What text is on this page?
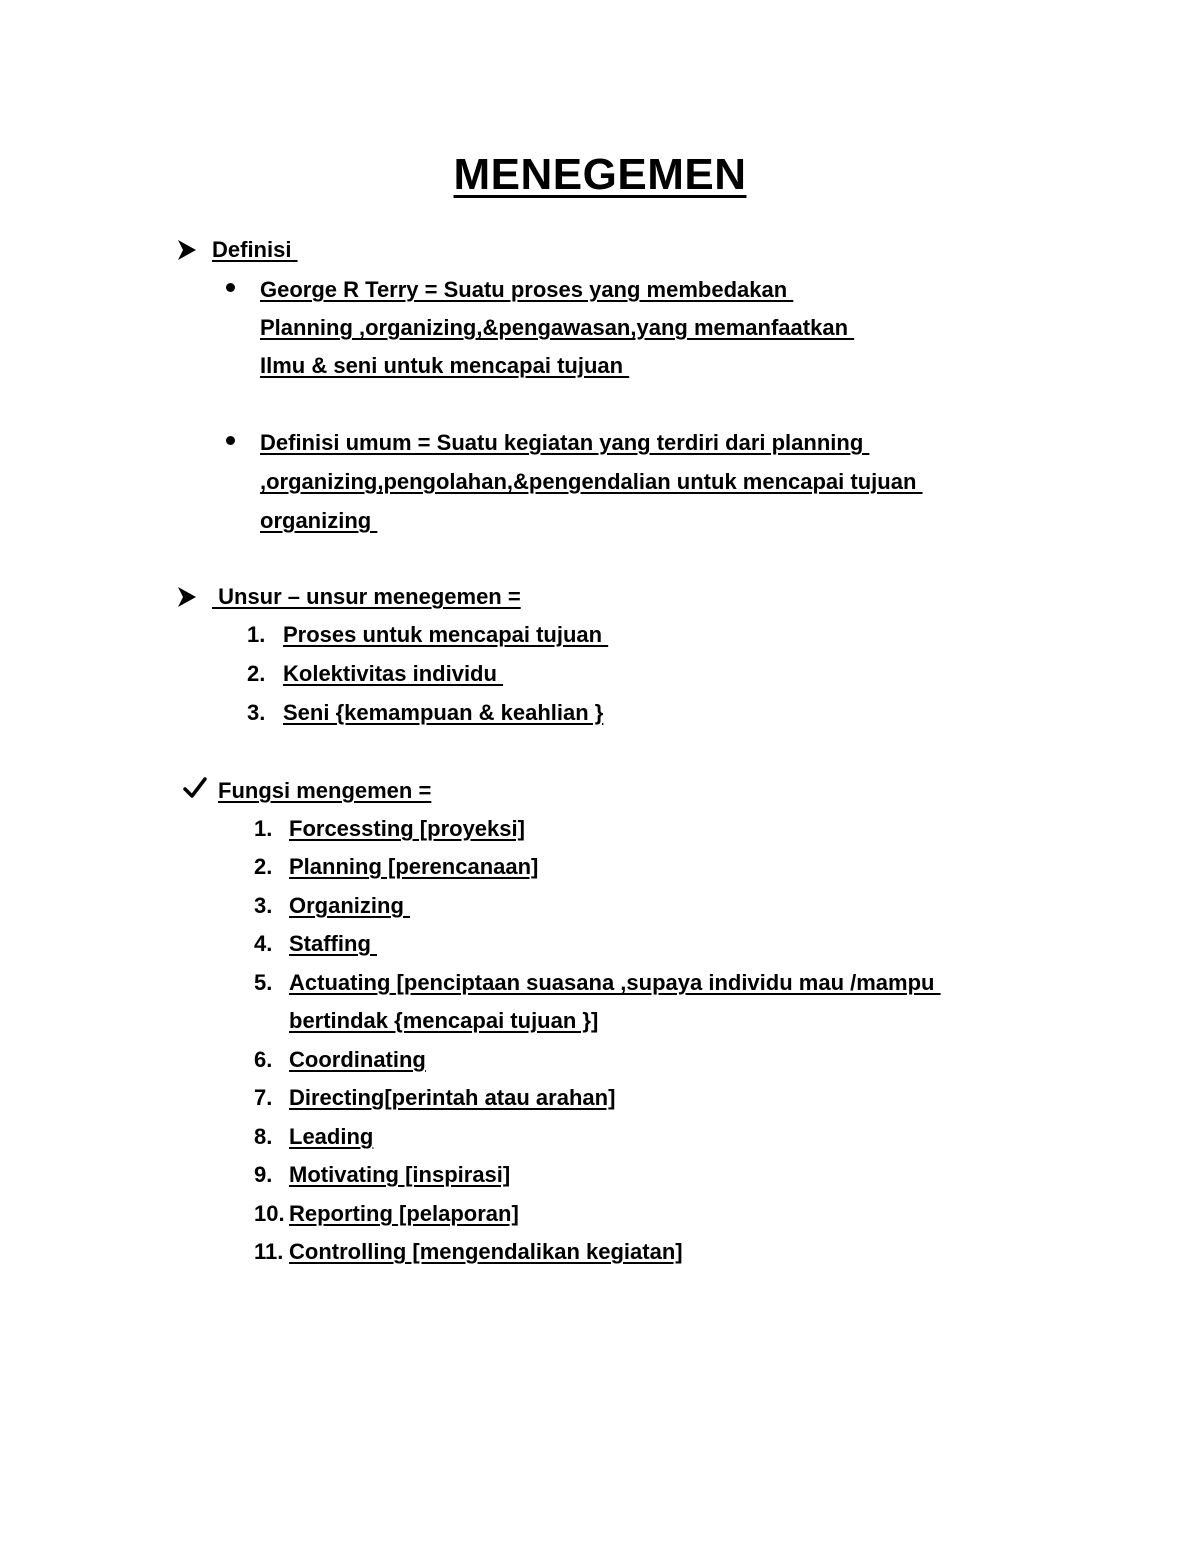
MENEGEMEN
Definisi
George R Terry = Suatu proses yang membedakan
Planning ,organizing,&pengawasan,yang memanfaatkan
Ilmu & seni untuk mencapai tujuan
Definisi umum = Suatu kegiatan yang terdiri dari planning
,organizing,pengolahan,&pengendalian untuk mencapai tujuan
organizing
Unsur – unsur menegemen =
1. Proses untuk mencapai tujuan
2. Kolektivitas individu
3. Seni {kemampuan & keahlian }
Fungsi mengemen =
1. Forcessting [proyeksi]
2. Planning [perencanaan]
3. Organizing
4. Staffing
5. Actuating [penciptaan suasana ,supaya individu mau /mampu
bertindak {mencapai tujuan }]
6. Coordinating
7. Directing[perintah atau arahan]
8. Leading
9. Motivating [inspirasi]
10. Reporting [pelaporan]
11. Controlling [mengendalikan kegiatan]
